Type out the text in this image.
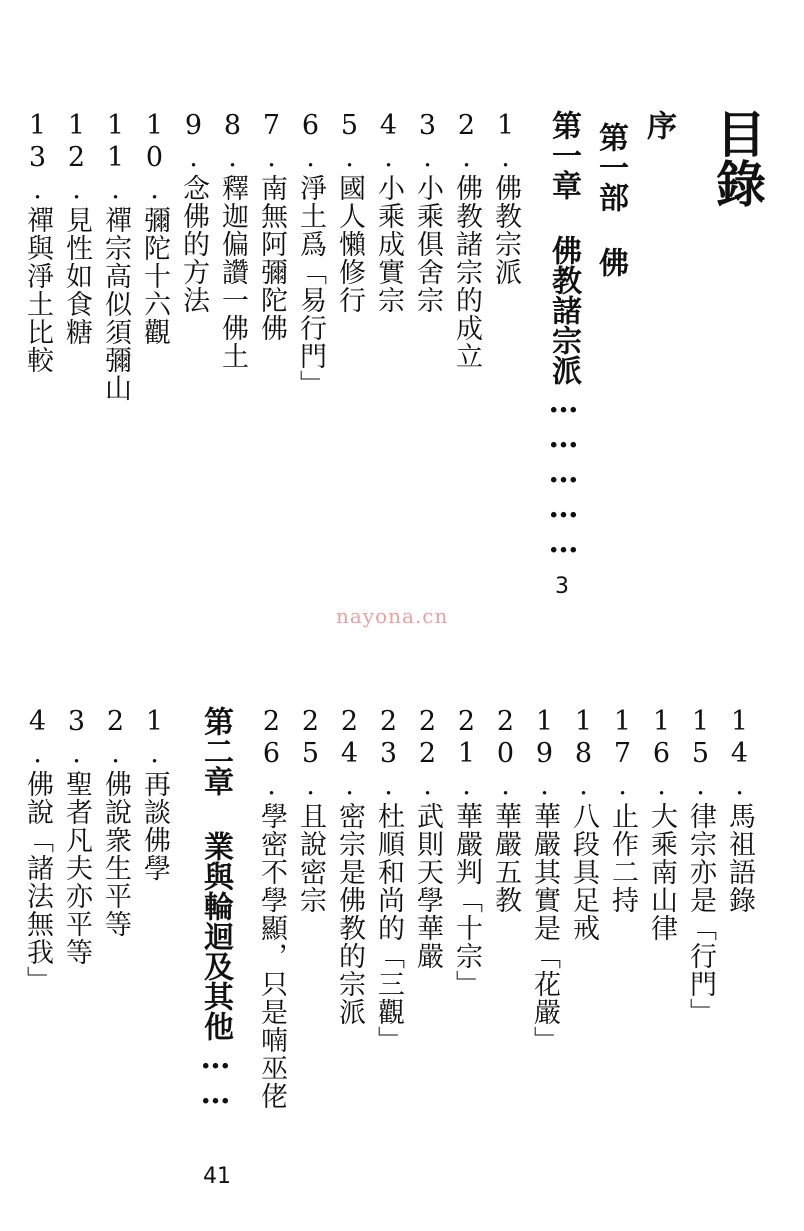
目錄
序
第一部 佛
第一章 佛教諸宗派……………
3
1.佛教宗派
2.佛教諸宗的成立
3.小乘俱舍宗
4.小乘成實宗
5.國人懶修行
6.淨土爲「易行門」
7.南無阿彌陀佛
8.釋迦偏讚一佛土
9.念佛的方法
10.彌陀十六觀
11.禪宗高似須彌山
12.見性如食糖
13.禪與淨土比較
nayona.cn
14.馬祖語錄
15.律宗亦是「行門」
16.大乘南山律
17.止作二持
18.八段具足戒
19.華嚴其實是「花嚴」
20.華嚴五教
21.華嚴判「十宗」
22.武則天學華嚴
23.杜順和尚的「三觀」
24.密宗是佛教的宗派
25.且說密宗
26.學密不學顯，只是喃巫佬
第二章 業與輪迴及其他……
41
1.再談佛學
2.佛說衆生平等
3.聖者凡夫亦平等
4.佛說「諸法無我」
